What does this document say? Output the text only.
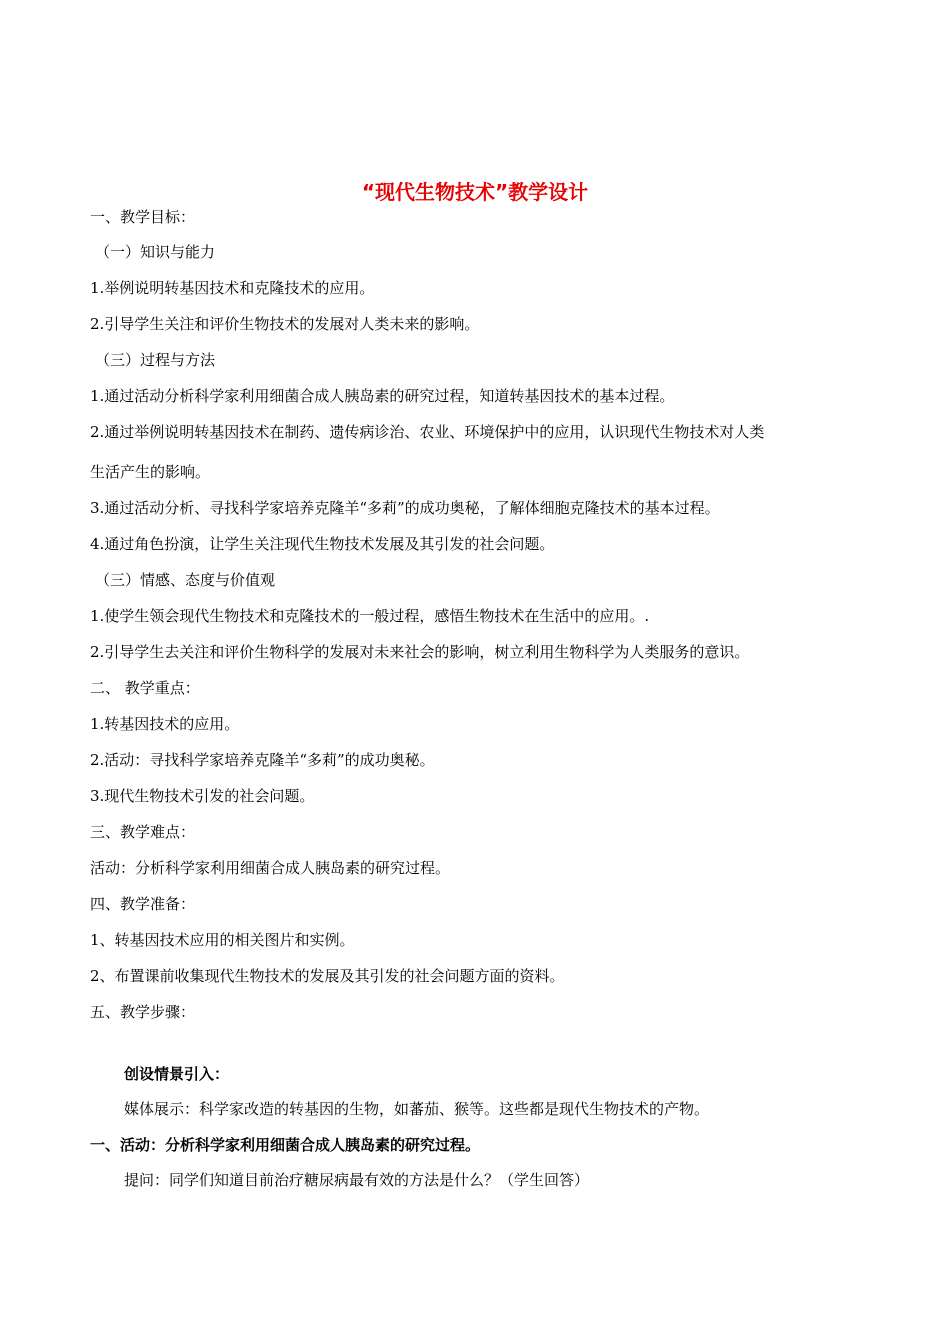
“现代生物技术”教学设计
一、教学目标：
（一）知识与能力
1.举例说明转基因技术和克隆技术的应用。
2.引导学生关注和评价生物技术的发展对人类未来的影响。
（三）过程与方法
1.通过活动分析科学家利用细菌合成人胰岛素的研究过程，知道转基因技术的基本过程。
2.通过举例说明转基因技术在制药、遗传病诊治、农业、环境保护中的应用，认识现代生物技术对人类
生活产生的影响。
3.通过活动分析、寻找科学家培养克隆羊“多莉”的成功奥秘，了解体细胞克隆技术的基本过程。
4.通过角色扮演，让学生关注现代生物技术发展及其引发的社会问题。
（三）情感、态度与价值观
1.使学生领会现代生物技术和克隆技术的一般过程，感悟生物技术在生活中的应用。.
2.引导学生去关注和评价生物科学的发展对未来社会的影响，树立利用生物科学为人类服务的意识。
二、 教学重点：
1.转基因技术的应用。
2.活动：寻找科学家培养克隆羊“多莉”的成功奥秘。
3.现代生物技术引发的社会问题。
三、教学难点：
活动：分析科学家利用细菌合成人胰岛素的研究过程。
四、教学准备：
1、转基因技术应用的相关图片和实例。
2、布置课前收集现代生物技术的发展及其引发的社会问题方面的资料。
五、教学步骤：
创设情景引入：
媒体展示：科学家改造的转基因的生物，如蕃茄、猴等。这些都是现代生物技术的产物。
一、活动：分析科学家利用细菌合成人胰岛素的研究过程。
提问：同学们知道目前治疗糖尿病最有效的方法是什么？（学生回答）
